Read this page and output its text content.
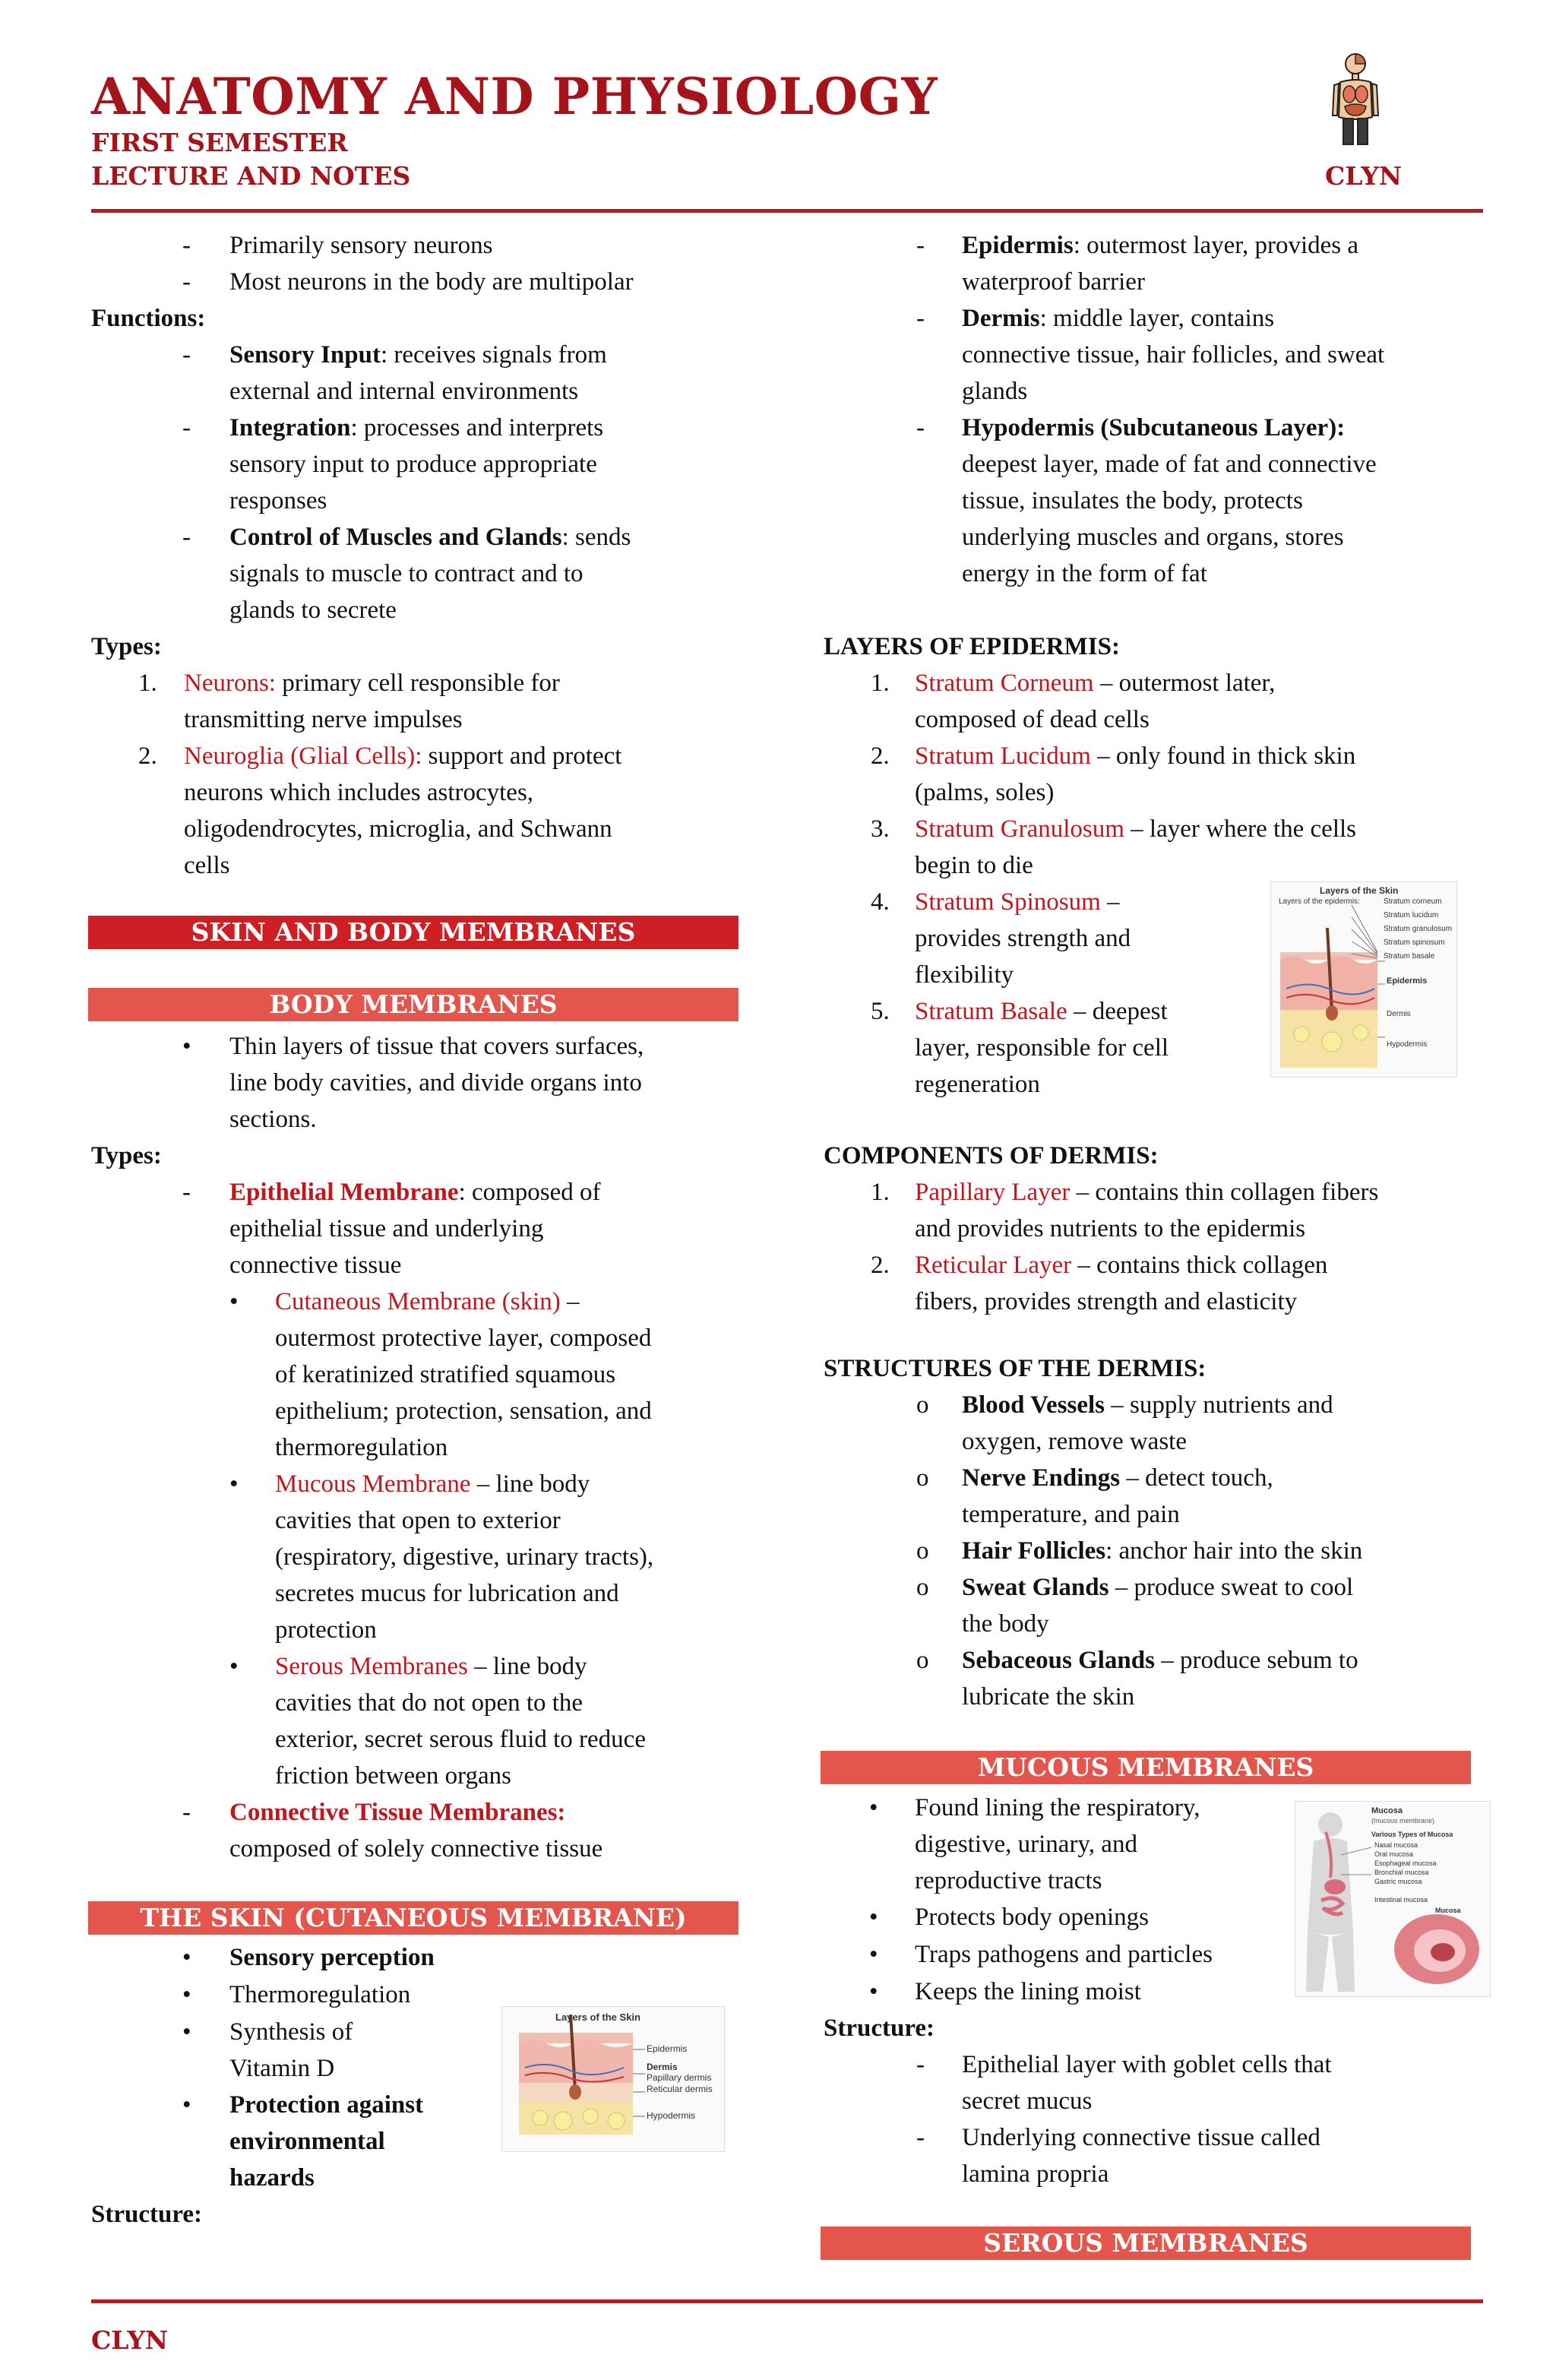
ANATOMY AND PHYSIOLOGY
FIRST SEMESTER
LECTURE AND NOTES	CLYN
- Primarily sensory neurons
- Most neurons in the body are multipolar
Functions:
- Sensory Input: receives signals from
external and internal environments
- Integration: processes and interprets
sensory input to produce appropriate
responses
- Control of Muscles and Glands: sends
signals to muscle to contract and to
glands to secrete
Types:
1. Neurons: primary cell responsible for
transmitting nerve impulses
2. Neuroglia (Glial Cells): support and protect
neurons which includes astrocytes,
oligodendrocytes, microglia, and Schwann
cells
SKIN AND BODY MEMBRANES
BODY MEMBRANES
• Thin layers of tissue that covers surfaces,
line body cavities, and divide organs into
sections.
Types:
- Epithelial Membrane: composed of
epithelial tissue and underlying
connective tissue
• Cutaneous Membrane (skin) –
outermost protective layer, composed
of keratinized stratified squamous
epithelium; protection, sensation, and
thermoregulation
• Mucous Membrane – line body
cavities that open to exterior
(respiratory, digestive, urinary tracts),
secretes mucus for lubrication and
protection
• Serous Membranes – line body
cavities that do not open to the
exterior, secret serous fluid to reduce
friction between organs
- Connective Tissue Membranes:
composed of solely connective tissue
THE SKIN (CUTANEOUS MEMBRANE)
• Sensory perception
• Thermoregulation
• Synthesis of
Vitamin D
• Protection against
environmental
hazards
Structure:
Layers of the Skin
Epidermis
Dermis
Papillary dermis
Reticular dermis
Hypodermis
- Epidermis: outermost layer, provides a
waterproof barrier
- Dermis: middle layer, contains
connective tissue, hair follicles, and sweat
glands
- Hypodermis (Subcutaneous Layer):
deepest layer, made of fat and connective
tissue, insulates the body, protects
underlying muscles and organs, stores
energy in the form of fat
LAYERS OF EPIDERMIS:
1. Stratum Corneum – outermost later,
composed of dead cells
2. Stratum Lucidum – only found in thick skin
(palms, soles)
3. Stratum Granulosum – layer where the cells
begin to die
4. Stratum Spinosum –
provides strength and
flexibility
5. Stratum Basale – deepest
layer, responsible for cell
regeneration
COMPONENTS OF DERMIS:
1. Papillary Layer – contains thin collagen fibers
and provides nutrients to the epidermis
2. Reticular Layer – contains thick collagen
fibers, provides strength and elasticity
STRUCTURES OF THE DERMIS:
o Blood Vessels – supply nutrients and
oxygen, remove waste
o Nerve Endings – detect touch,
temperature, and pain
o Hair Follicles: anchor hair into the skin
o Sweat Glands – produce sweat to cool
the body
o Sebaceous Glands – produce sebum to
lubricate the skin
Layers of the Skin
Layers of the epidermis:	Stratum corneum
Stratum lucidum
Stratum granulosum
Stratum spinosum
Stratum basale
Epidermis
Dermis
Hypodermis
MUCOUS MEMBRANES
• Found lining the respiratory,
digestive, urinary, and
reproductive tracts
• Protects body openings
• Traps pathogens and particles
• Keeps the lining moist
Structure:
- Epithelial layer with goblet cells that
secret mucus
- Underlying connective tissue called
lamina propria
Mucosa
(mucous membrane)
Various Types of Mucosa
Nasal mucosa
Oral mucosa
Esophageal mucosa
Bronchial mucosa
Gastric mucosa
Intestinal mucosa
Mucosa
SEROUS MEMBRANES
CLYN
